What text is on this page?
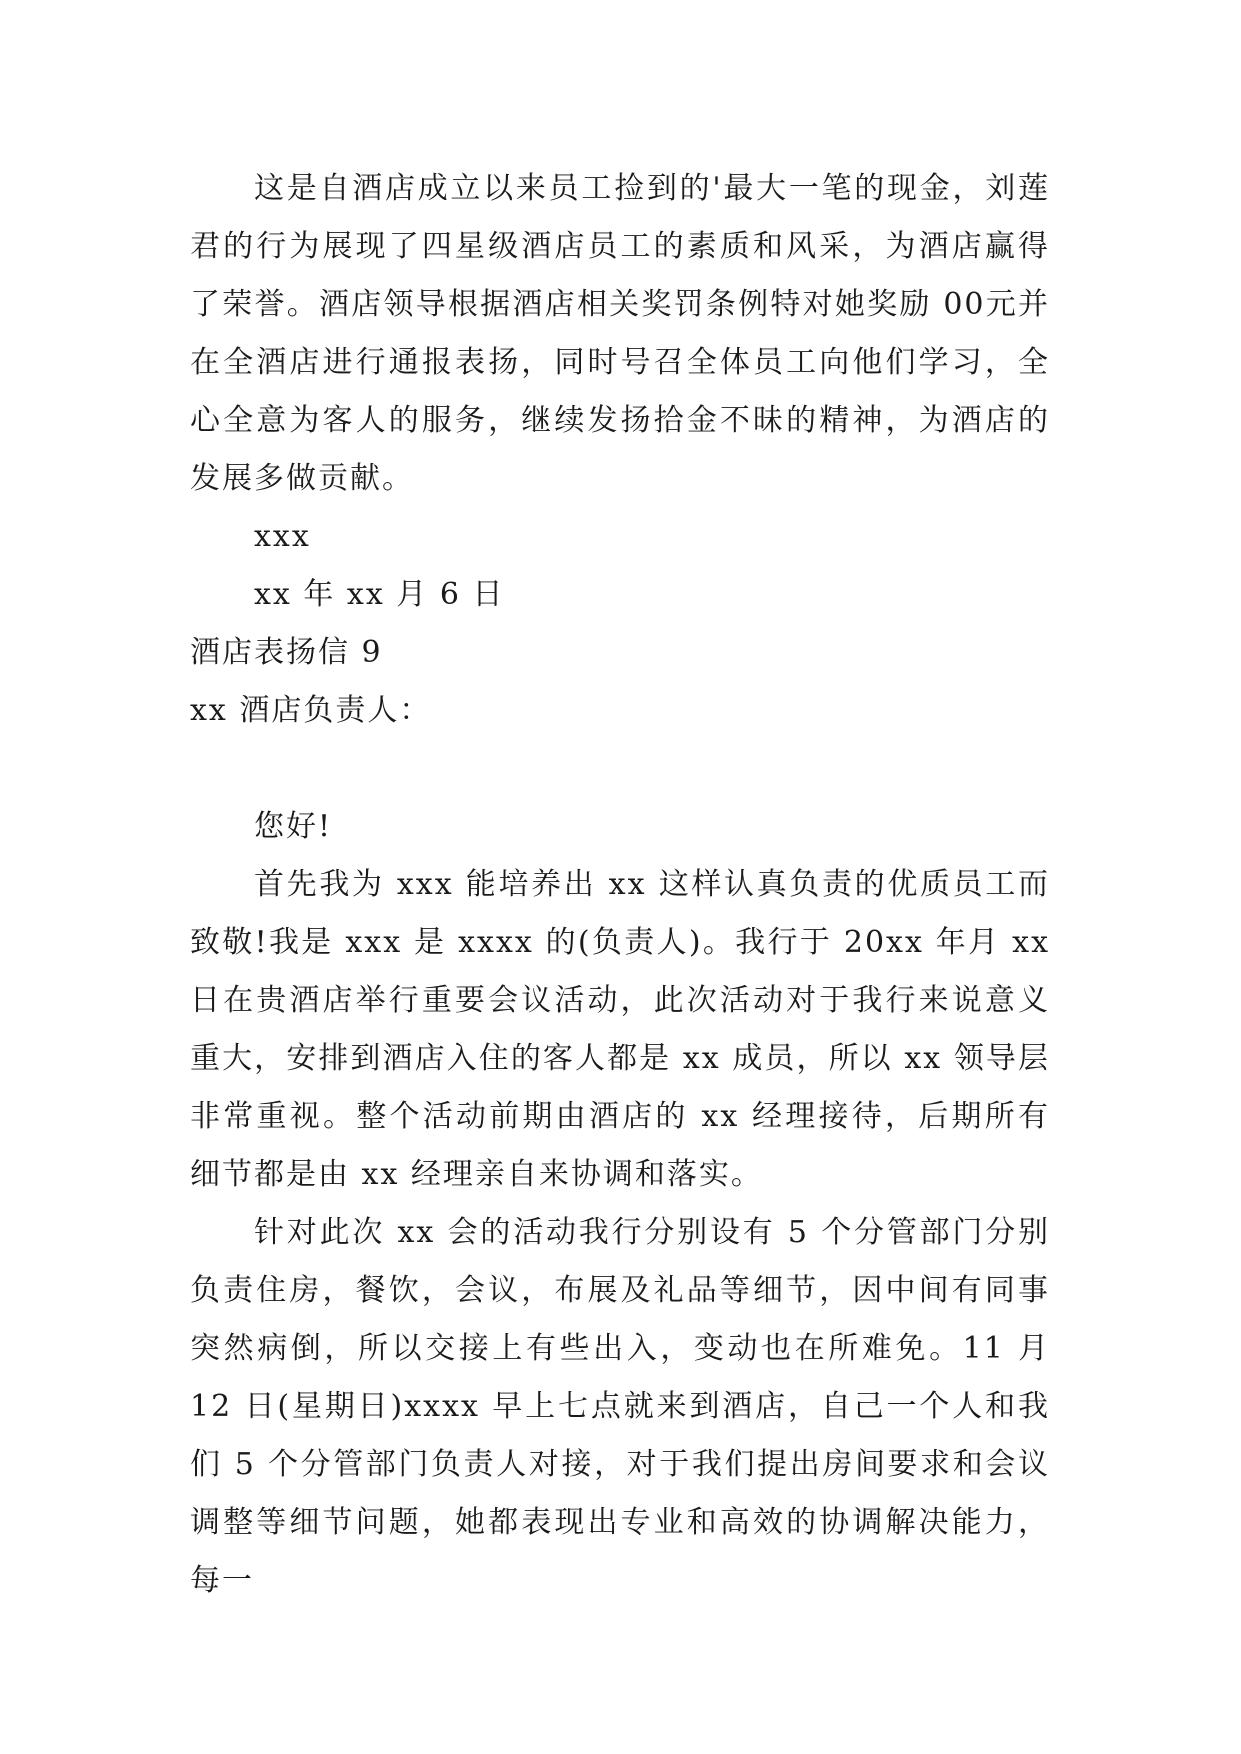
这是自酒店成立以来员工捡到的'最大一笔的现金，刘莲君的行为展现了四星级酒店员工的素质和风采，为酒店赢得了荣誉。酒店领导根据酒店相关奖罚条例特对她奖励 00元并在全酒店进行通报表扬，同时号召全体员工向他们学习，全心全意为客人的服务，继续发扬拾金不昧的精神，为酒店的发展多做贡献。

xxx

xx 年 xx 月 6 日

酒店表扬信 9

xx 酒店负责人：

您好!

首先我为 xxx 能培养出 xx 这样认真负责的优质员工而致敬!我是 xxx 是 xxxx 的(负责人)。我行于 20xx 年月 xx 日在贵酒店举行重要会议活动，此次活动对于我行来说意义重大，安排到酒店入住的客人都是 xx 成员，所以 xx 领导层非常重视。整个活动前期由酒店的 xx 经理接待，后期所有细节都是由 xx 经理亲自来协调和落实。

针对此次 xx 会的活动我行分别设有 5 个分管部门分别负责住房，餐饮，会议，布展及礼品等细节，因中间有同事突然病倒，所以交接上有些出入，变动也在所难免。11 月 12 日(星期日)xxxx 早上七点就来到酒店，自己一个人和我们 5 个分管部门负责人对接，对于我们提出房间要求和会议调整等细节问题，她都表现出专业和高效的协调解决能力，每一
